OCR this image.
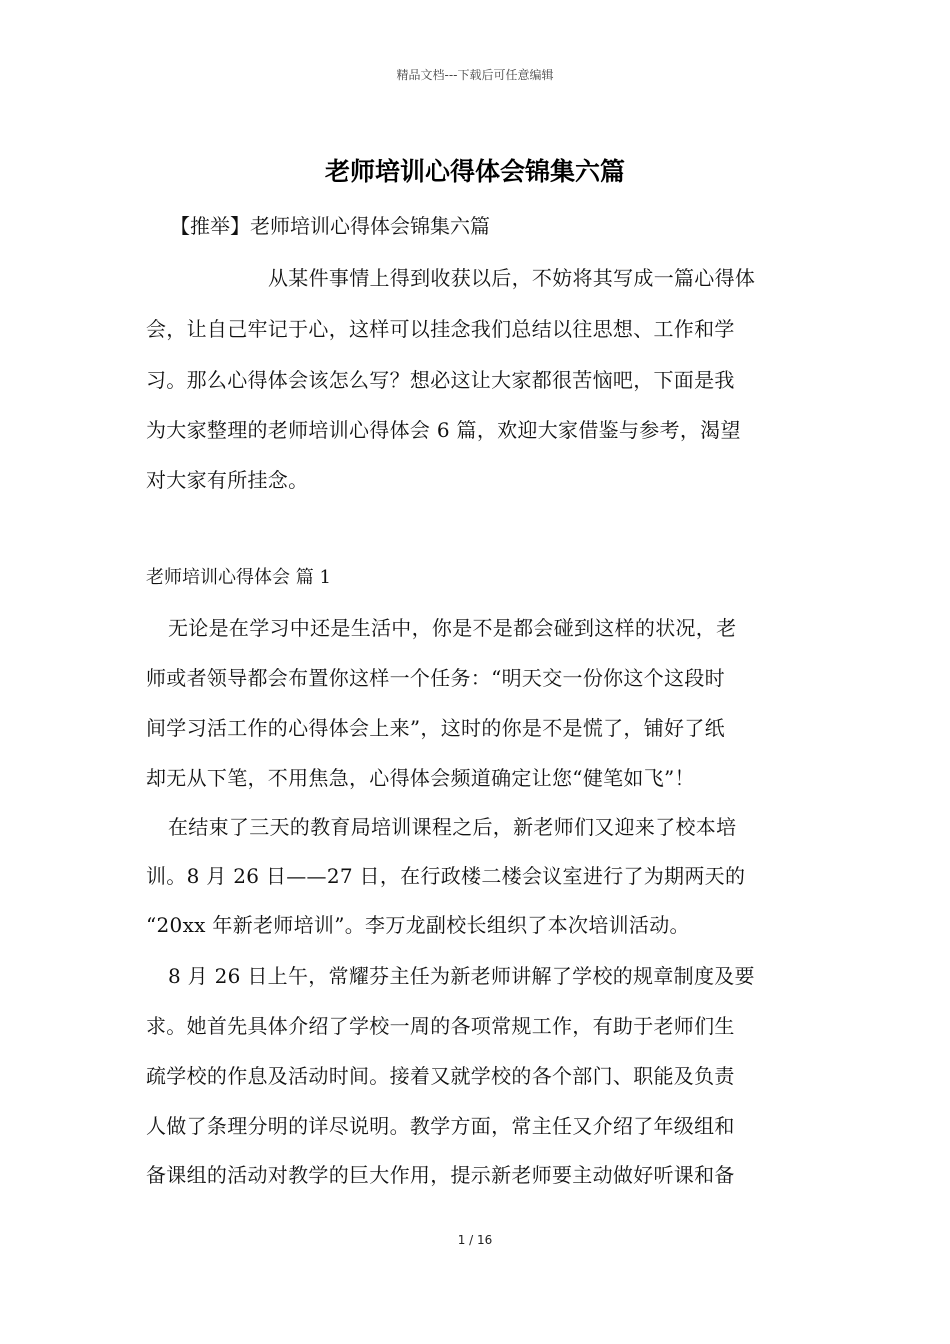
精品文档---下载后可任意编辑
老师培训心得体会锦集六篇
【推举】老师培训心得体会锦集六篇
从某件事情上得到收获以后，不妨将其写成一篇心得体
会，让自己牢记于心，这样可以挂念我们总结以往思想、工作和学
习。那么心得体会该怎么写？想必这让大家都很苦恼吧，下面是我
为大家整理的老师培训心得体会 6 篇，欢迎大家借鉴与参考，渴望
对大家有所挂念。
老师培训心得体会 篇 1
无论是在学习中还是生活中，你是不是都会碰到这样的状况，老
师或者领导都会布置你这样一个任务：“明天交一份你这个这段时
间学习活工作的心得体会上来”，这时的你是不是慌了，铺好了纸
却无从下笔，不用焦急，心得体会频道确定让您“健笔如飞”！
在结束了三天的教育局培训课程之后，新老师们又迎来了校本培
训。8 月 26 日——27 日，在行政楼二楼会议室进行了为期两天的
“20xx 年新老师培训”。李万龙副校长组织了本次培训活动。
8 月 26 日上午，常耀芬主任为新老师讲解了学校的规章制度及要
求。她首先具体介绍了学校一周的各项常规工作，有助于老师们生
疏学校的作息及活动时间。接着又就学校的各个部门、职能及负责
人做了条理分明的详尽说明。教学方面，常主任又介绍了年级组和
备课组的活动对教学的巨大作用，提示新老师要主动做好听课和备
1 / 16
